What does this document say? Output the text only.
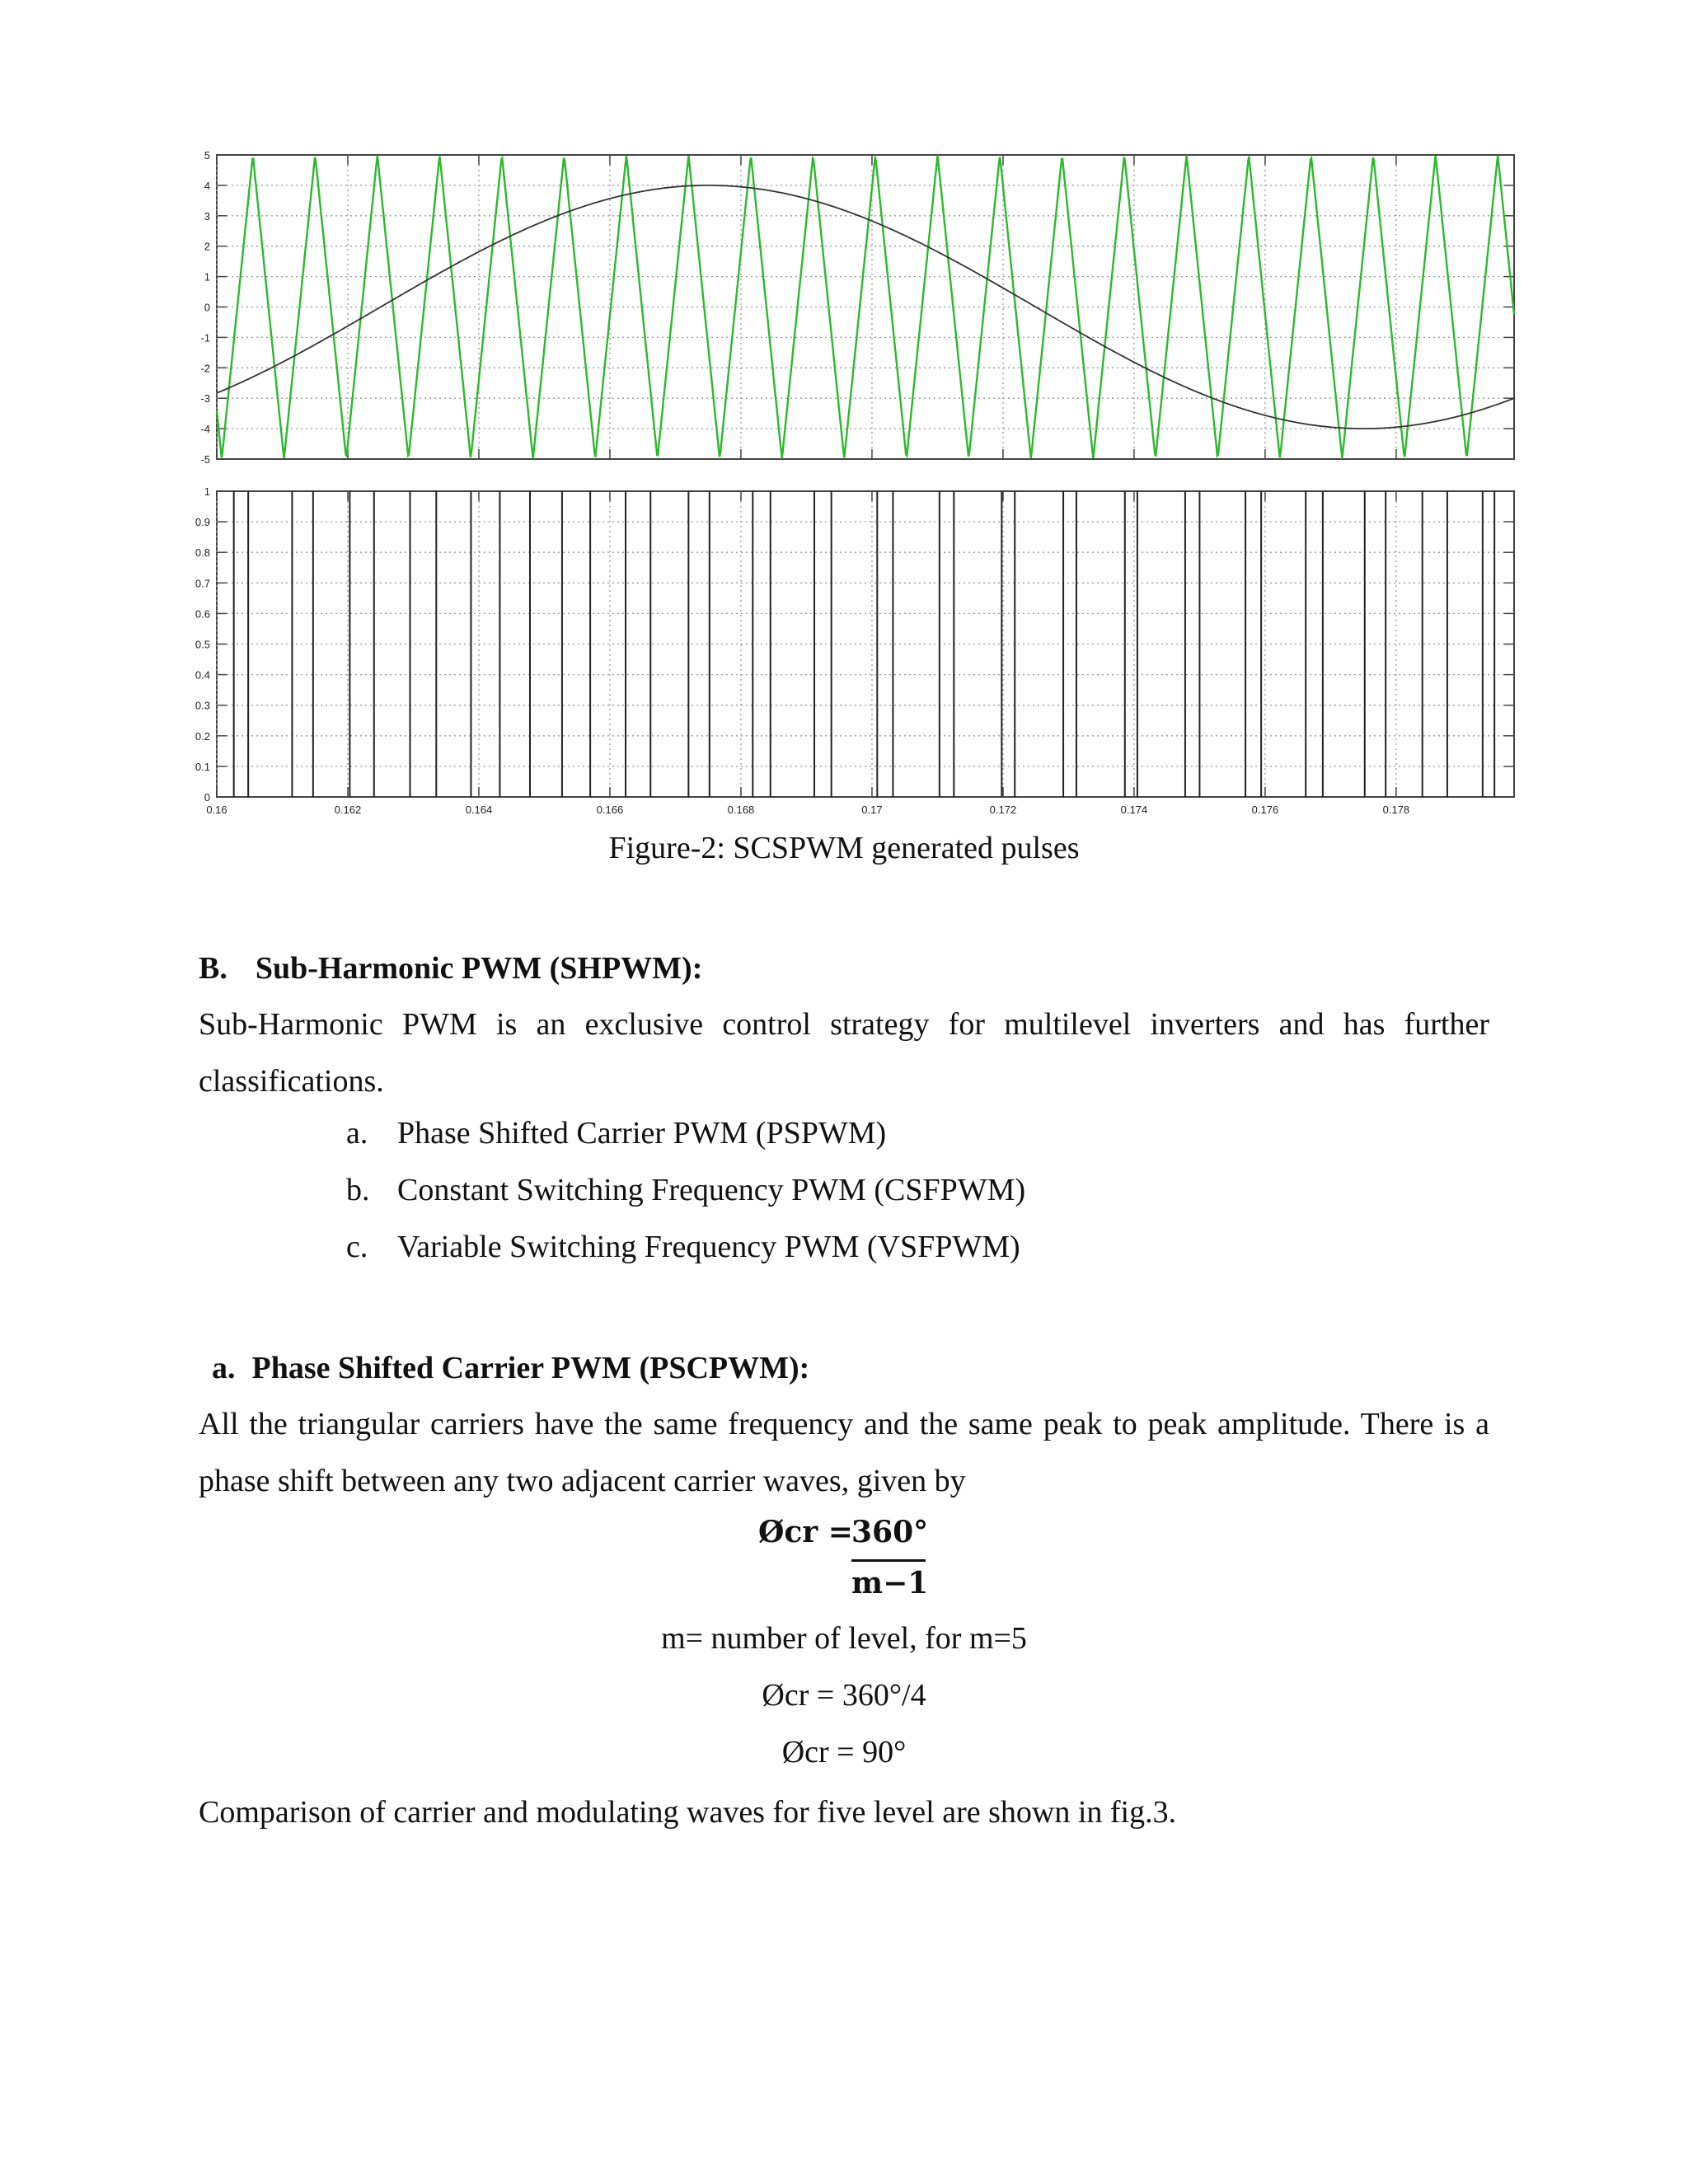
5
4
3
2
1
0
-1
-2
-3
-4
-5
1
0.9
0.8
0.7
0.6
0.5
0.4
0.3
0.2
0.1
0
0.16	0.162	0.164	0.166	0.168	0.17	0.172	0.174	0.176	0.178
Figure-2: SCSPWM generated pulses
B. Sub-Harmonic PWM (SHPWM):
Sub-Harmonic PWM is an exclusive control strategy for multilevel inverters and has further classifications.
a. Phase Shifted Carrier PWM (PSPWM)
b. Constant Switching Frequency PWM (CSFPWM)
c. Variable Switching Frequency PWM (VSFPWM)
a. Phase Shifted Carrier PWM (PSCPWM):
All the triangular carriers have the same frequency and the same peak to peak amplitude. There is a phase shift between any two adjacent carrier waves, given by
Øcr =
360°
m−1
m= number of level, for m=5
Øcr = 360°/4
Øcr = 90°
Comparison of carrier and modulating waves for five level are shown in fig.3.
